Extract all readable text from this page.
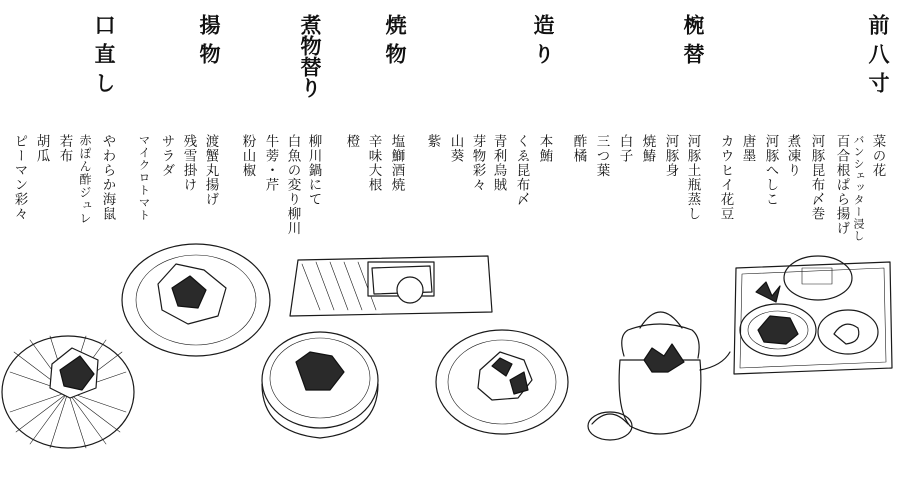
前八寸
椀替
造り
焼物
煮物替り
揚物
口直し
菜の花
バンシェッター浸し
百合根ぱら揚げ
河豚昆布〆巻
煮凍り
河豚へしこ
唐墨
カウヒイ花豆
河豚土瓶蒸し
河豚身
焼鰆
白子
三つ葉
酢橘
本鮪
くゑ昆布〆
青利烏賊
芽物彩々
山葵
紫
塩鰤酒焼
辛味大根
橙
柳川鍋にて
白魚の変り柳川
牛蒡・芹
粉山椒
渡蟹丸揚げ
残雪掛け
サラダ
マイクロトマト
やわらか海鼠
赤ぽん酢ジュレ
若布
胡瓜
ピーマン彩々
